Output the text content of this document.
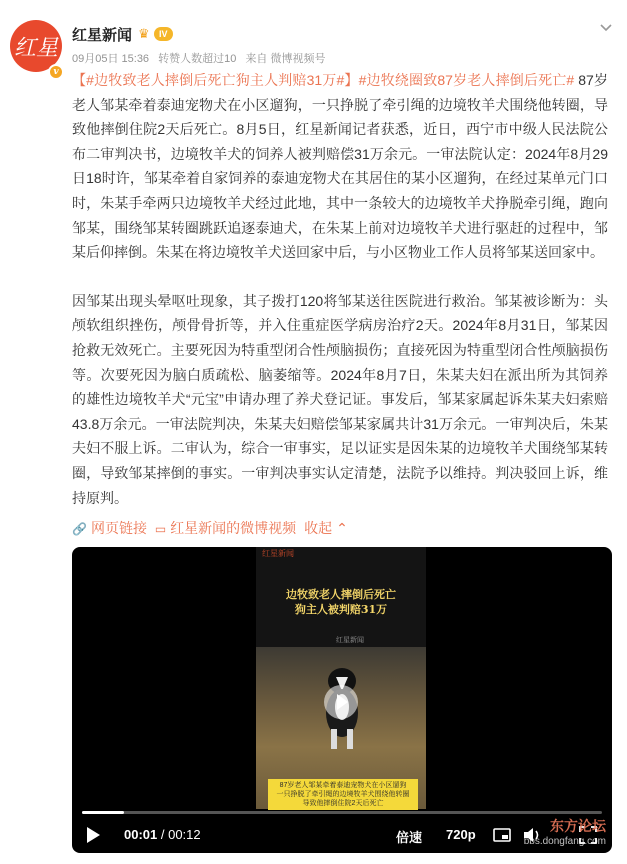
红星
v
红星新闻 ♛	IV
09月05日 15:36 转赞人数超过10 来自 微博视频号

【#边牧致老人摔倒后死亡狗主人判赔31万#】#边牧绕圈致87岁老人摔倒后死亡# 87岁老人邹某牵着泰迪宠物犬在小区遛狗，一只挣脱了牵引绳的边境牧羊犬围绕他转圈，导致他摔倒住院2天后死亡。8月5日，红星新闻记者获悉，近日，西宁市中级人民法院公布二审判决书，边境牧羊犬的饲养人被判赔偿31万余元。一审法院认定：2024年8月29日18时许，邹某牵着自家饲养的泰迪宠物犬在其居住的某小区遛狗，在经过某单元门口时，朱某手牵两只边境牧羊犬经过此地，其中一条较大的边境牧羊犬挣脱牵引绳，跑向邹某，围绕邹某转圈跳跃追逐泰迪犬，在朱某上前对边境牧羊犬进行驱赶的过程中，邹某后仰摔倒。朱某在将边境牧羊犬送回家中后，与小区物业工作人员将邹某送回家中。

因邹某出现头晕呕吐现象，其子拨打120将邹某送往医院进行救治。邹某被诊断为：头颅软组织挫伤，颅骨骨折等，并入住重症医学病房治疗2天。2024年8月31日，邹某因抢救无效死亡。主要死因为特重型闭合性颅脑损伤；直接死因为特重型闭合性颅脑损伤等。次要死因为脑白质疏松、脑萎缩等。2024年8月7日，朱某夫妇在派出所为其饲养的雄性边境牧羊犬“元宝”申请办理了养犬登记证。事发后，邹某家属起诉朱某夫妇索赔43.8万余元。一审法院判决，朱某夫妇赔偿邹某家属共计31万余元。一审判决后，朱某夫妇不服上诉。二审认为，综合一审事实，足以证实是因朱某的边境牧羊犬围绕邹某转圈，导致邹某摔倒的事实。一审判决事实认定清楚，法院予以维持。判决驳回上诉，维持原判。

🔗 网页链接 ▭ 红星新闻的微博视频 收起 ⌃
红星新闻
边牧致老人摔倒后死亡
狗主人被判赔31万
红星新闻
87岁老人邹某牵着泰迪宠物犬在小区遛狗
一只挣脱了牵引绳的边境牧羊犬围绕他转圈
导致他摔倒住院2天后死亡
00:01 / 00:12	倍速 720p
东方论坛
bbs.dongfang.com
